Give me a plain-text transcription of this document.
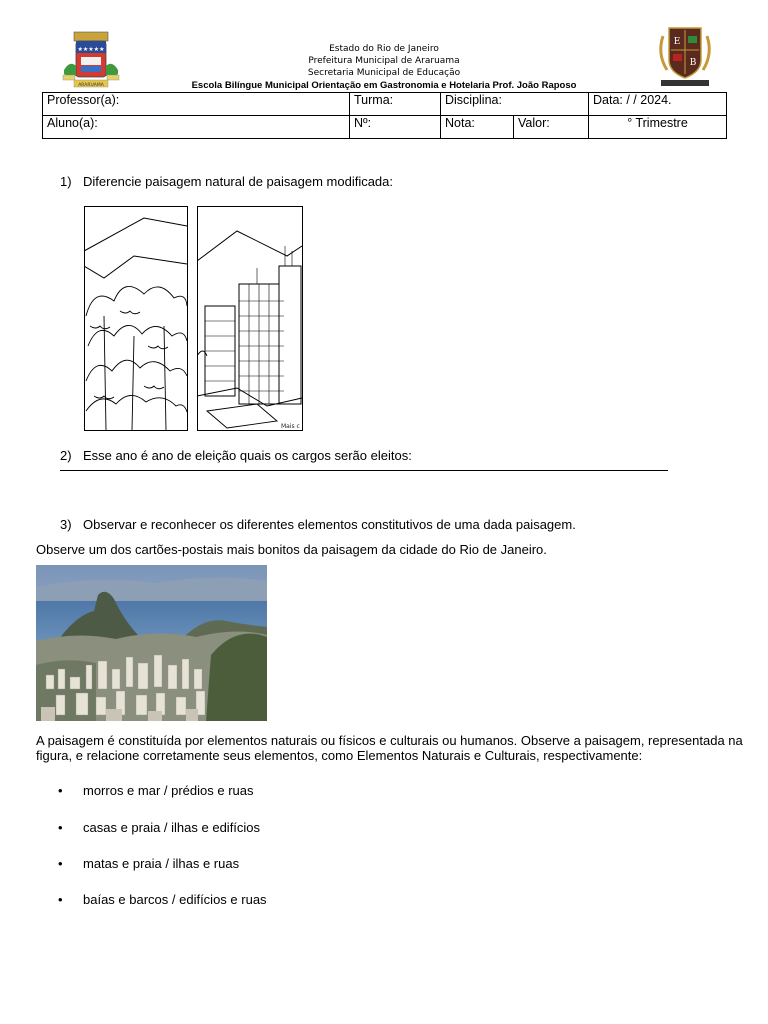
★★★★★
ARARUAMA
E
B
Estado do Rio de Janeiro
Prefeitura Municipal de Araruama
Secretaria Municipal de Educação
Escola Bilíngue Municipal Orientação em Gastronomia e Hotelaria Prof. João Raposo
Professor(a):	Turma:	Disciplina:		Data: / / 2024.
Aluno(a):	Nº:	Nota:	Valor:	° Trimestre
1) Diferencie paisagem natural de paisagem modificada:
Mais c
2) Esse ano é ano de eleição quais os cargos serão eleitos:
3) Observar e reconhecer os diferentes elementos constitutivos de uma dada paisagem.
Observe um dos cartões-postais mais bonitos da paisagem da cidade do Rio de Janeiro.
A paisagem é constituída por elementos naturais ou físicos e culturais ou humanos. Observe a paisagem, representada na figura, e relacione corretamente seus elementos, como Elementos Naturais e Culturais, respectivamente:
• morros e mar / prédios e ruas
• casas e praia / ilhas e edifícios
• matas e praia / ilhas e ruas
• baías e barcos / edifícios e ruas
